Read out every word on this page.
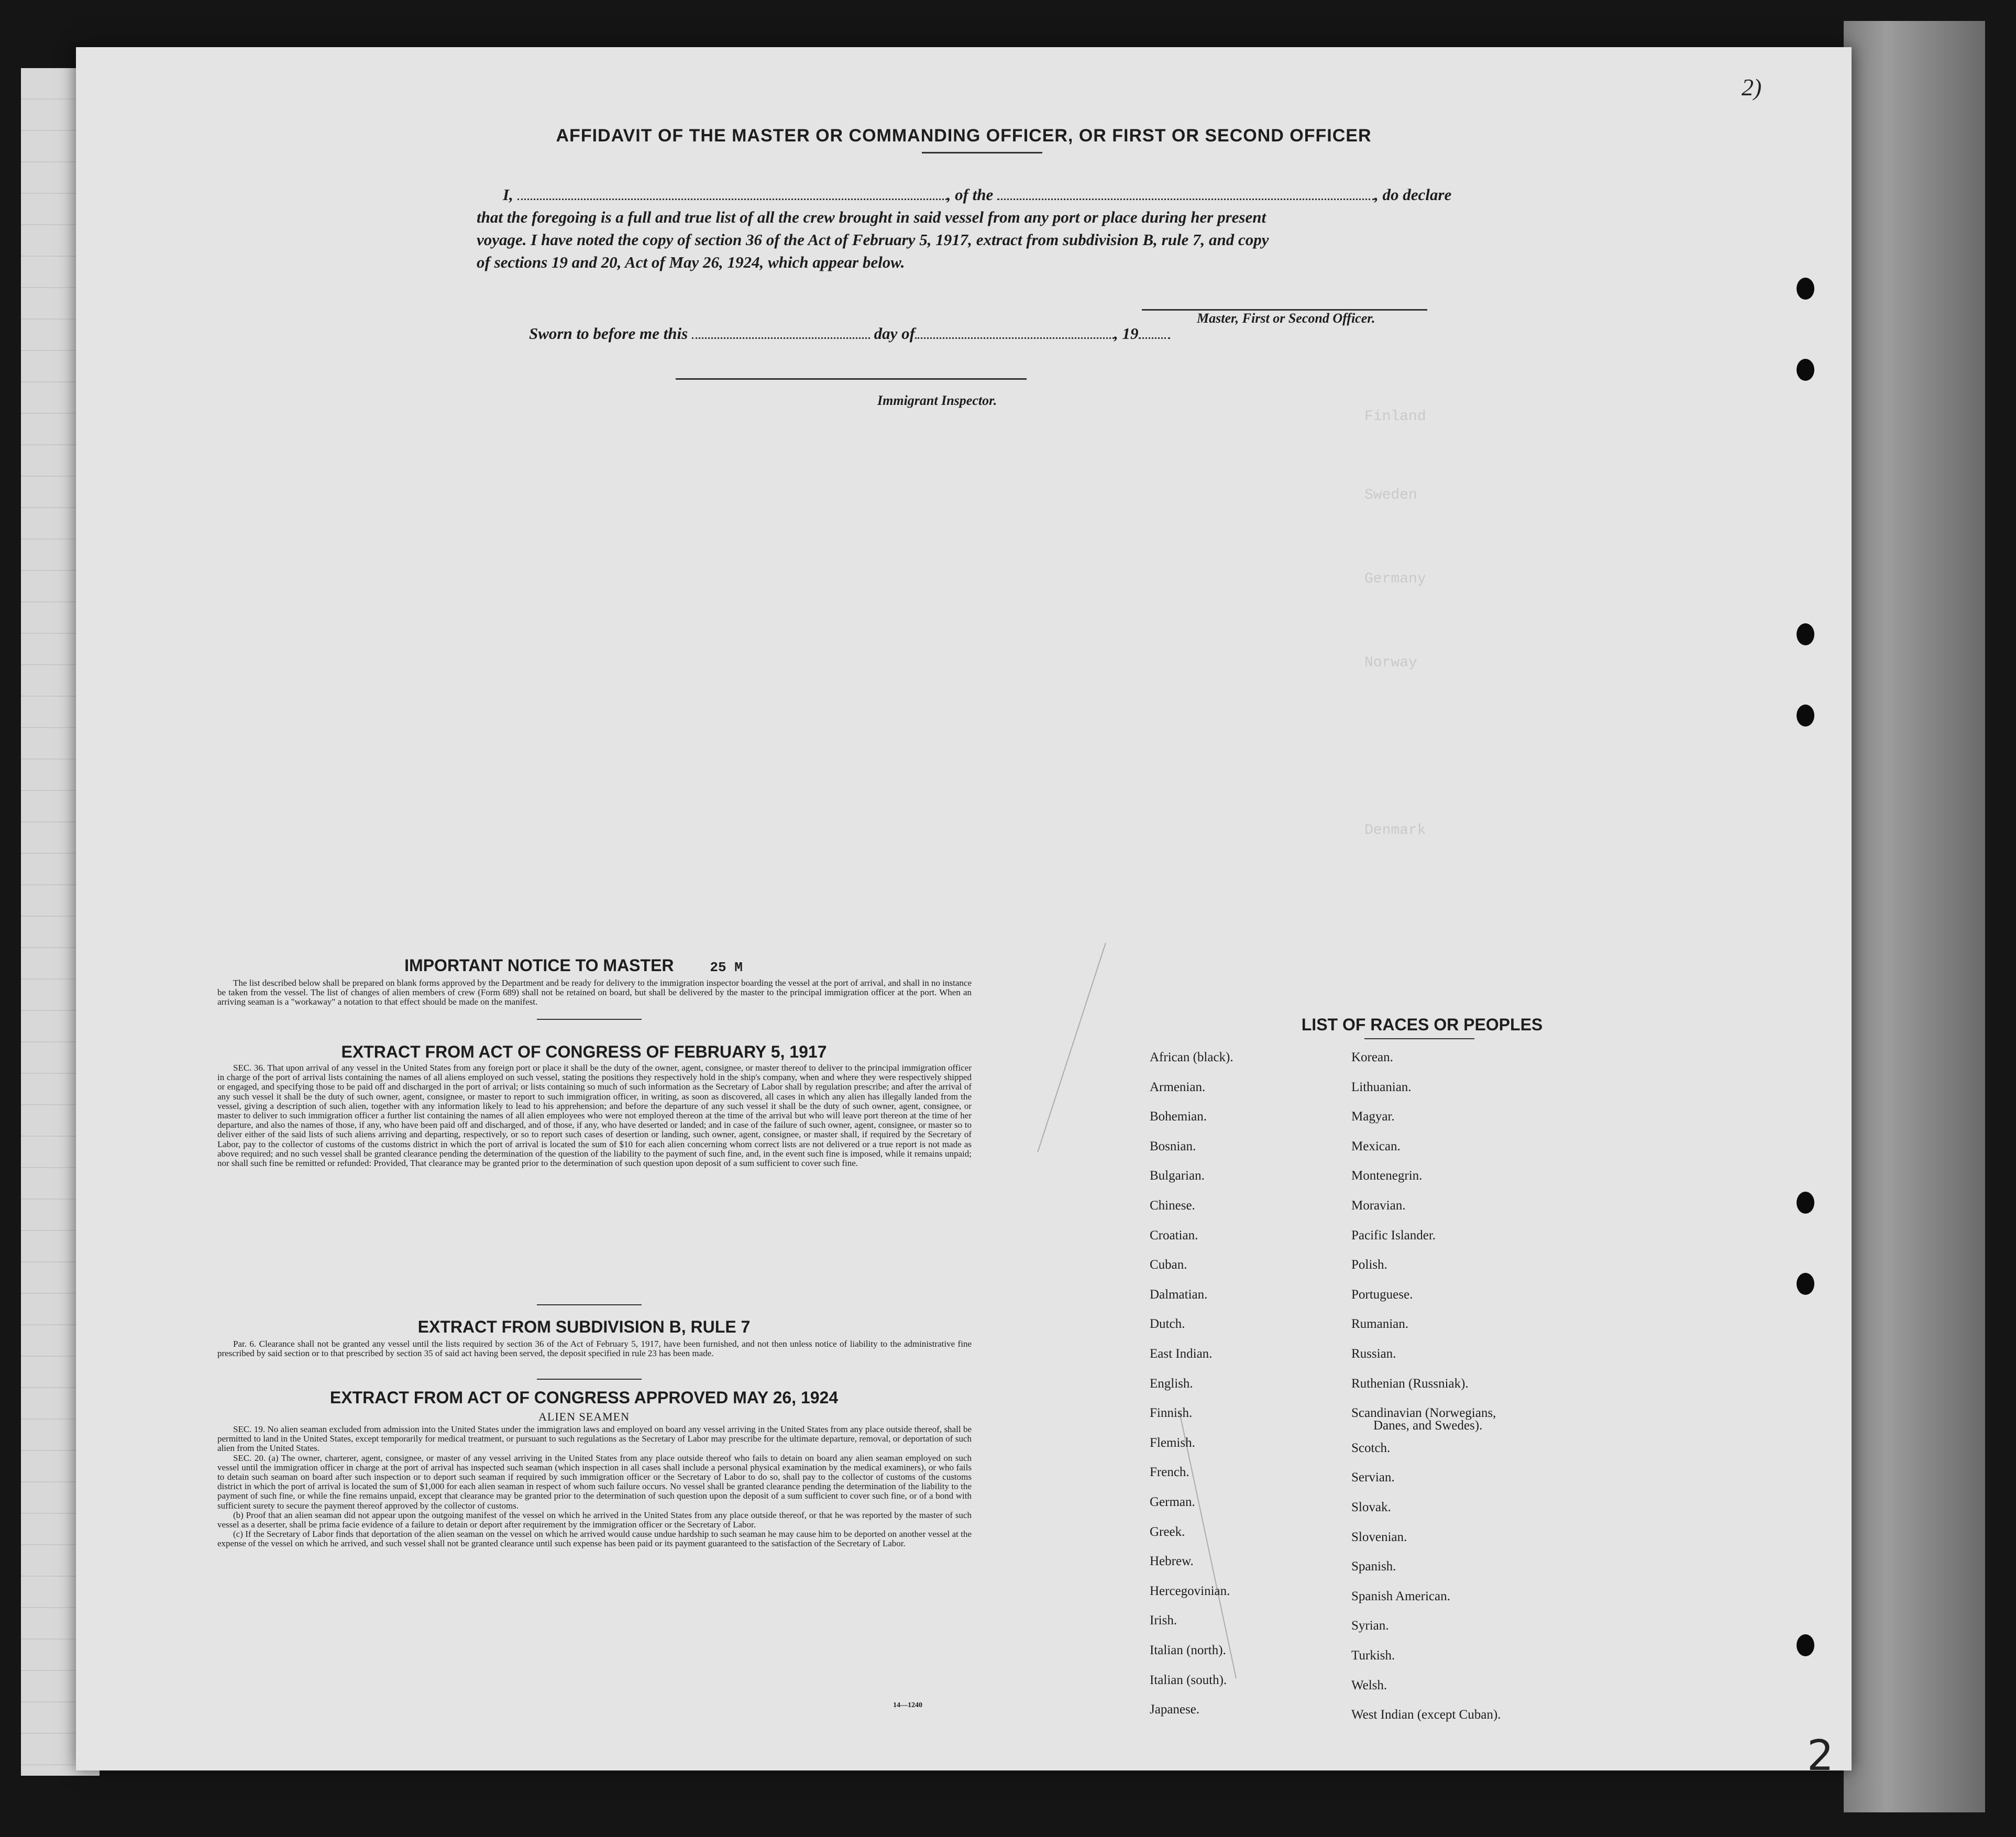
Finland
Sweden
Germany
Norway
Denmark
2)
AFFIDAVIT OF THE MASTER OR COMMANDING OFFICER, OR FIRST OR SECOND OFFICER
I,	, of the	, do declare
that the foregoing is a full and true list of all the crew brought in said vessel from any port or place during her present
voyage. I have noted the copy of section 36 of the Act of February 5, 1917, extract from subdivision B, rule 7, and copy
of sections 19 and 20, Act of May 26, 1924, which appear below.
Master, First or Second Officer.
Sworn to before me this	day of	, 19
Immigrant Inspector.
IMPORTANT NOTICE TO MASTER	25 M

The list described below shall be prepared on blank forms approved by the Department and be ready for delivery to the immigration inspector boarding the vessel at the port of arrival, and shall in no instance be taken from the vessel. The list of changes of alien members of crew (Form 689) shall not be retained on board, but shall be delivered by the master to the principal immigration officer at the port. When an arriving seaman is a "workaway" a notation to that effect should be made on the manifest.

EXTRACT FROM ACT OF CONGRESS OF FEBRUARY 5, 1917

SEC. 36. That upon arrival of any vessel in the United States from any foreign port or place it shall be the duty of the owner, agent, consignee, or master thereof to deliver to the principal immigration officer in charge of the port of arrival lists containing the names of all aliens employed on such vessel, stating the positions they respectively hold in the ship's company, when and where they were respectively shipped or engaged, and specifying those to be paid off and discharged in the port of arrival; or lists containing so much of such information as the Secretary of Labor shall by regulation prescribe; and after the arrival of any such vessel it shall be the duty of such owner, agent, consignee, or master to report to such immigration officer, in writing, as soon as discovered, all cases in which any alien has illegally landed from the vessel, giving a description of such alien, together with any information likely to lead to his apprehension; and before the departure of any such vessel it shall be the duty of such owner, agent, consignee, or master to deliver to such immigration officer a further list containing the names of all alien employees who were not employed thereon at the time of the arrival but who will leave port thereon at the time of her departure, and also the names of those, if any, who have been paid off and discharged, and of those, if any, who have deserted or landed; and in case of the failure of such owner, agent, consignee, or master so to deliver either of the said lists of such aliens arriving and departing, respectively, or so to report such cases of desertion or landing, such owner, agent, consignee, or master shall, if required by the Secretary of Labor, pay to the collector of customs of the customs district in which the port of arrival is located the sum of $10 for each alien concerning whom correct lists are not delivered or a true report is not made as above required; and no such vessel shall be granted clearance pending the determination of the question of the liability to the payment of such fine, and, in the event such fine is imposed, while it remains unpaid; nor shall such fine be remitted or refunded: Provided, That clearance may be granted prior to the determination of such question upon deposit of a sum sufficient to cover such fine.

EXTRACT FROM SUBDIVISION B, RULE 7

Par. 6. Clearance shall not be granted any vessel until the lists required by section 36 of the Act of February 5, 1917, have been furnished, and not then unless notice of liability to the administrative fine prescribed by said section or to that prescribed by section 35 of said act having been served, the deposit specified in rule 23 has been made.

EXTRACT FROM ACT OF CONGRESS APPROVED MAY 26, 1924
ALIEN SEAMEN

SEC. 19. No alien seaman excluded from admission into the United States under the immigration laws and employed on board any vessel arriving in the United States from any place outside thereof, shall be permitted to land in the United States, except temporarily for medical treatment, or pursuant to such regulations as the Secretary of Labor may prescribe for the ultimate departure, removal, or deportation of such alien from the United States.

SEC. 20. (a) The owner, charterer, agent, consignee, or master of any vessel arriving in the United States from any place outside thereof who fails to detain on board any alien seaman employed on such vessel until the immigration officer in charge at the port of arrival has inspected such seaman (which inspection in all cases shall include a personal physical examination by the medical examiners), or who fails to detain such seaman on board after such inspection or to deport such seaman if required by such immigration officer or the Secretary of Labor to do so, shall pay to the collector of customs of the customs district in which the port of arrival is located the sum of $1,000 for each alien seaman in respect of whom such failure occurs. No vessel shall be granted clearance pending the determination of the liability to the payment of such fine, or while the fine remains unpaid, except that clearance may be granted prior to the determination of such question upon the deposit of a sum sufficient to cover such fine, or of a bond with sufficient surety to secure the payment thereof approved by the collector of customs.

(b) Proof that an alien seaman did not appear upon the outgoing manifest of the vessel on which he arrived in the United States from any place outside thereof, or that he was reported by the master of such vessel as a deserter, shall be prima facie evidence of a failure to detain or deport after requirement by the immigration officer or the Secretary of Labor.

(c) If the Secretary of Labor finds that deportation of the alien seaman on the vessel on which he arrived would cause undue hardship to such seaman he may cause him to be deported on another vessel at the expense of the vessel on which he arrived, and such vessel shall not be granted clearance until such expense has been paid or its payment guaranteed to the satisfaction of the Secretary of Labor.

14—1240
LIST OF RACES OR PEOPLES
2
African (black).
Armenian.
Bohemian.
Bosnian.
Bulgarian.
Chinese.
Croatian.
Cuban.
Dalmatian.
Dutch.
East Indian.
English.
Finnish.
Flemish.
French.
German.
Greek.
Hebrew.
Hercegovinian.
Irish.
Italian (north).
Italian (south).
Japanese.
Korean.
Lithuanian.
Magyar.
Mexican.
Montenegrin.
Moravian.
Pacific Islander.
Polish.
Portuguese.
Rumanian.
Russian.
Ruthenian (Russniak).
Scandinavian (Norwegians,
Danes, and Swedes).
Scotch.
Servian.
Slovak.
Slovenian.
Spanish.
Spanish American.
Syrian.
Turkish.
Welsh.
West Indian (except Cuban).
